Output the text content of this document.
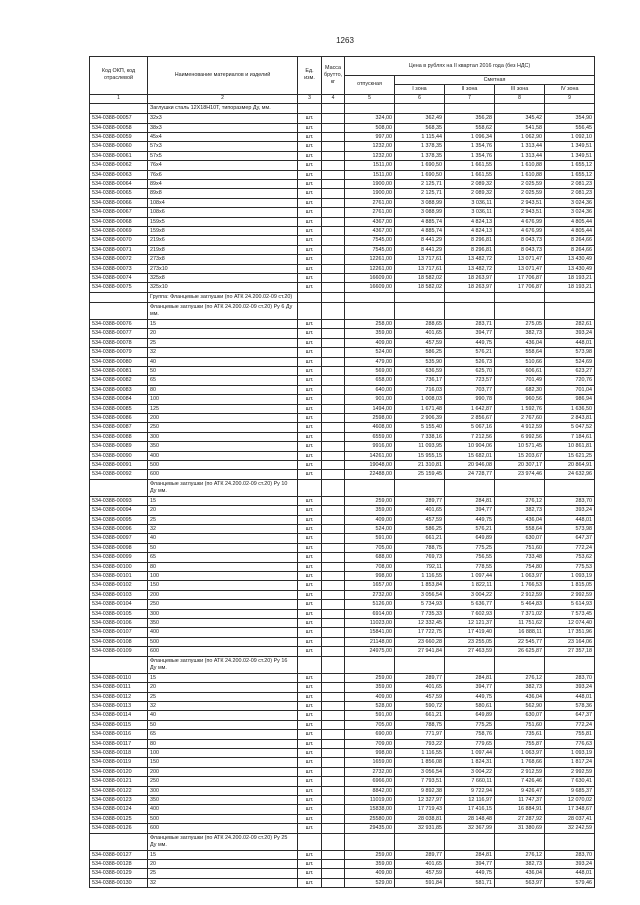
1263
Код ОКП, код отраслевой	Наименование материалов и изделий	Ед. изм.	Масса брутто, кг	Цена в рублях на II квартал 2016 года (без НДС)				
				отпускная	Сметная			
					I зона	II зона	III зона	IV зона
1	2	3	4	5	6	7	8	9
	Заглушки сталь 12Х18Н10Т, типоразмер Ду, мм.							
534-0388-00057	32х3	шт.		324,00	362,49	356,28	345,42	354,90
534-0388-00058	38х3	шт.		508,00	568,35	558,62	541,58	556,45
534-0388-00059	45х4	шт.		997,00	1 115,44	1 096,34	1 062,90	1 092,10
534-0388-00060	57х3	шт.		1232,00	1 378,35	1 354,76	1 313,44	1 349,51
534-0388-00061	57х5	шт.		1232,00	1 378,35	1 354,76	1 313,44	1 349,51
534-0388-00062	76х4	шт.		1511,00	1 690,50	1 661,55	1 610,88	1 655,12
534-0388-00063	76х6	шт.		1511,00	1 690,50	1 661,55	1 610,88	1 655,12
534-0388-00064	89х4	шт.		1900,00	2 125,71	2 089,32	2 025,59	2 081,23
534-0388-00065	89х8	шт.		1900,00	2 125,71	2 089,32	2 025,59	2 081,23
534-0388-00066	108х4	шт.		2761,00	3 088,99	3 036,11	2 943,51	3 024,36
534-0388-00067	108х6	шт.		2761,00	3 088,99	3 036,11	2 943,51	3 024,36
534-0388-00068	159х5	шт.		4367,00	4 885,74	4 824,13	4 676,99	4 805,44
534-0388-00069	159х8	шт.		4367,00	4 885,74	4 824,13	4 676,99	4 805,44
534-0388-00070	219х6	шт.		7545,00	8 441,29	8 296,81	8 043,73	8 264,66
534-0388-00071	219х8	шт.		7545,00	8 441,29	8 296,81	8 043,73	8 264,66
534-0388-00072	273х8	шт.		12261,00	13 717,61	13 482,72	13 071,47	13 430,49
534-0388-00073	273х10	шт.		12261,00	13 717,61	13 482,72	13 071,47	13 430,49
534-0388-00074	325х8	шт.		16609,00	18 582,02	18 263,97	17 706,87	18 193,21
534-0388-00075	325х10	шт.		16609,00	18 582,02	18 263,97	17 706,87	18 193,21
	Группа: Фланцевые заглушки (по АТК 24.200.02-09 ст.20)							
	Фланцевые заглушки (по АТК 24.200.02-09 ст.20) Ру 6 Ду мм.							
534-0388-00076	15	шт.		258,00	288,65	283,71	275,05	282,61
534-0388-00077	20	шт.		359,00	401,65	394,77	382,73	393,24
534-0388-00078	25	шт.		409,00	457,59	449,75	436,04	448,01
534-0388-00079	32	шт.		524,00	586,25	576,21	558,64	573,98
534-0388-00080	40	шт.		479,00	535,90	526,73	510,66	524,69
534-0388-00081	50	шт.		569,00	636,59	625,70	606,61	623,27
534-0388-00082	65	шт.		658,00	736,17	723,57	701,49	720,76
534-0388-00083	80	шт.		640,00	716,03	703,77	682,30	701,04
534-0388-00084	100	шт.		901,00	1 008,03	990,78	960,56	986,94
534-0388-00085	125	шт.		1494,00	1 671,48	1 642,87	1 592,76	1 636,50
534-0388-00086	200	шт.		2598,00	2 906,39	2 856,67	2 767,60	2 843,81
534-0388-00087	250	шт.		4608,00	5 155,40	5 067,16	4 912,59	5 047,52
534-0388-00088	300	шт.		6559,00	7 338,16	7 212,56	6 992,56	7 184,61
534-0388-00089	350	шт.		9916,00	11 093,95	10 904,06	10 571,45	10 861,81
534-0388-00090	400	шт.		14261,00	15 955,15	15 682,01	15 203,67	15 621,25
534-0388-00091	500	шт.		19048,00	21 310,81	20 946,08	20 307,17	20 864,91
534-0388-00092	600	шт.		22488,00	25 159,45	24 728,77	23 974,46	24 632,96
	Фланцевые заглушки (по АТК 24.200.02-09 ст.20) Ру 10 Ду мм.							
534-0388-00093	15	шт.		259,00	289,77	284,81	276,12	283,70
534-0388-00094	20	шт.		359,00	401,65	394,77	382,73	393,24
534-0388-00095	25	шт.		409,00	457,59	449,75	436,04	448,01
534-0388-00096	32	шт.		524,00	586,25	576,21	558,64	573,98
534-0388-00097	40	шт.		591,00	661,21	649,89	630,07	647,37
534-0388-00098	50	шт.		705,00	788,75	775,25	751,60	772,24
534-0388-00099	65	шт.		688,00	769,73	756,55	733,48	753,62
534-0388-00100	80	шт.		708,00	792,11	778,55	754,80	775,53
534-0388-00101	100	шт.		998,00	1 116,55	1 097,44	1 063,97	1 093,19
534-0388-00102	150	шт.		1657,00	1 853,84	1 822,11	1 766,53	1 815,05
534-0388-00103	200	шт.		2732,00	3 056,54	3 004,22	2 912,59	2 992,59
534-0388-00104	250	шт.		5126,00	5 734,93	5 636,77	5 464,83	5 614,93
534-0388-00105	300	шт.		6914,00	7 735,33	7 602,93	7 371,02	7 573,45
534-0388-00106	350	шт.		11023,00	12 332,45	12 121,37	11 751,62	12 074,40
534-0388-00107	400	шт.		15841,00	17 722,75	17 419,40	16 888,11	17 351,96
534-0388-00108	500	шт.		21148,00	23 660,28	23 255,05	22 545,77	23 164,06
534-0388-00109	600	шт.		24975,00	27 941,84	27 463,59	26 625,87	27 357,18
	Фланцевые заглушки (по АТК 24.200.02-09 ст.20) Ру 16 Ду мм.							
534-0388-00110	15	шт.		259,00	289,77	284,81	276,12	283,70
534-0388-00111	20	шт.		359,00	401,65	394,77	382,73	393,24
534-0388-00112	25	шт.		409,00	457,59	449,75	436,04	448,01
534-0388-00113	32	шт.		528,00	590,72	580,61	562,90	578,36
534-0388-00114	40	шт.		591,00	661,21	649,89	630,07	647,37
534-0388-00115	50	шт.		705,00	788,75	775,25	751,60	772,24
534-0388-00116	65	шт.		690,00	771,97	758,76	735,61	755,81
534-0388-00117	80	шт.		709,00	793,22	779,65	755,87	776,63
534-0388-00118	100	шт.		998,00	1 116,55	1 097,44	1 063,97	1 093,19
534-0388-00119	150	шт.		1659,00	1 856,08	1 824,31	1 768,66	1 817,24
534-0388-00120	200	шт.		2732,00	3 056,54	3 004,22	2 912,59	2 992,59
534-0388-00121	250	шт.		6966,00	7 793,51	7 660,11	7 426,46	7 630,41
534-0388-00122	300	шт.		8842,00	9 892,38	9 722,94	9 426,47	9 685,37
534-0388-00123	350	шт.		11019,00	12 327,97	12 116,97	11 747,37	12 070,02
534-0388-00124	400	шт.		15838,00	17 719,43	17 416,15	16 884,91	17 348,67
534-0388-00125	500	шт.		25580,00	28 038,81	28 148,48	27 287,92	28 037,41
534-0388-00126	600	шт.		29435,00	32 931,85	32 367,99	31 380,69	32 242,59
	Фланцевые заглушки (по АТК 24.200.02-09 ст.20) Ру 25 Ду мм.							
534-0388-00127	15	шт.		259,00	289,77	284,81	276,12	283,70
534-0388-00128	20	шт.		359,00	401,65	394,77	382,73	393,24
534-0388-00129	25	шт.		409,00	457,59	449,75	436,04	448,01
534-0388-00130	32	шт.		529,00	591,84	581,71	563,97	579,46
